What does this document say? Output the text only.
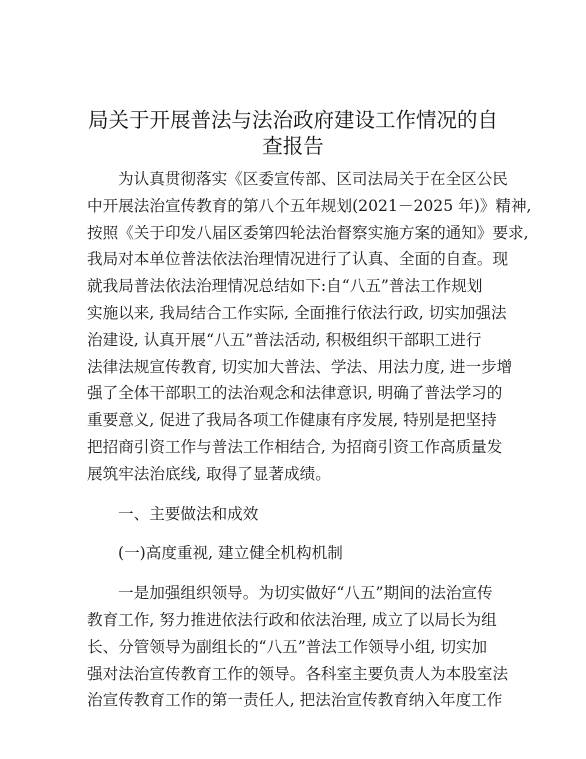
局关于开展普法与法治政府建设工作情况的自
查报告
为认真贯彻落实《区委宣传部、区司法局关于在全区公民
中开展法治宣传教育的第八个五年规划(2021－2025 年)》精神,
按照《关于印发八届区委第四轮法治督察实施方案的通知》要求,
我局对本单位普法依法治理情况进行了认真、全面的自查。现
就我局普法依法治理情况总结如下:自“八五”普法工作规划
实施以来, 我局结合工作实际, 全面推行依法行政, 切实加强法
治建设, 认真开展“八五”普法活动, 积极组织干部职工进行
法律法规宣传教育, 切实加大普法、学法、用法力度, 进一步增
强了全体干部职工的法治观念和法律意识, 明确了普法学习的
重要意义, 促进了我局各项工作健康有序发展, 特别是把坚持
把招商引资工作与普法工作相结合, 为招商引资工作高质量发
展筑牢法治底线, 取得了显著成绩。
一、主要做法和成效
(一)高度重视, 建立健全机构机制
一是加强组织领导。为切实做好“八五”期间的法治宣传
教育工作, 努力推进依法行政和依法治理, 成立了以局长为组
长、分管领导为副组长的“八五”普法工作领导小组, 切实加
强对法治宣传教育工作的领导。各科室主要负责人为本股室法
治宣传教育工作的第一责任人, 把法治宣传教育纳入年度工作
